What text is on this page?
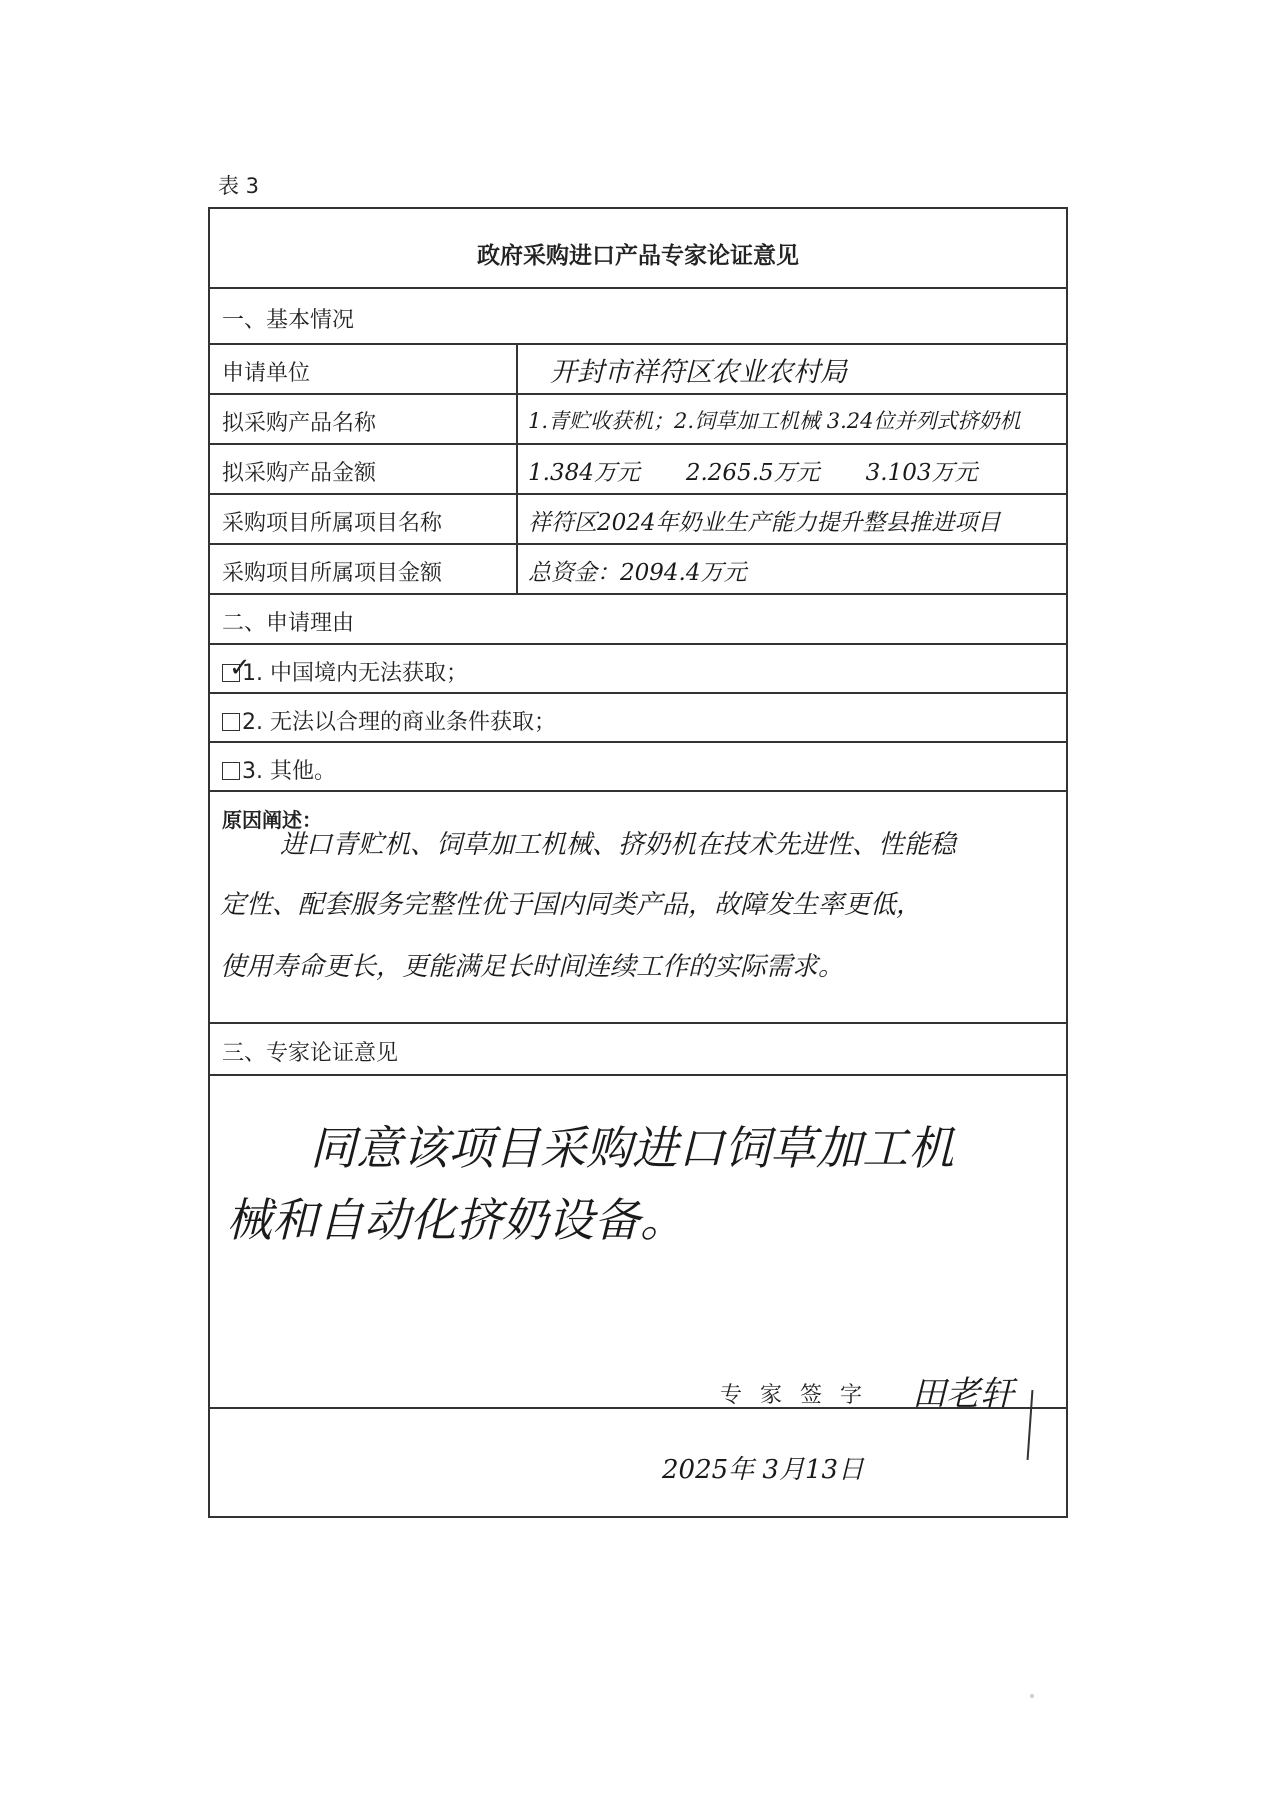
表 3
政府采购进口产品专家论证意见
一、基本情况
申请单位	开封市祥符区农业农村局
拟采购产品名称	1.青贮收获机；2.饲草加工机械 3.24位并列式挤奶机
拟采购产品金额	1.384万元　　2.265.5万元　　3.103万元
采购项目所属项目名称	祥符区2024年奶业生产能力提升整县推进项目
采购项目所属项目金额	总资金：2094.4万元
二、申请理由
✓
1. 中国境内无法获取；
2. 无法以合理的商业条件获取；
3. 其他。
原因阐述：
进口青贮机、饲草加工机械、挤奶机在技术先进性、性能稳
定性、配套服务完整性优于国内同类产品，故障发生率更低，
使用寿命更长，更能满足长时间连续工作的实际需求。
三、专家论证意见
同意该项目采购进口饲草加工机
械和自动化挤奶设备。
2025年 3月13日
专家签字 田老轩
